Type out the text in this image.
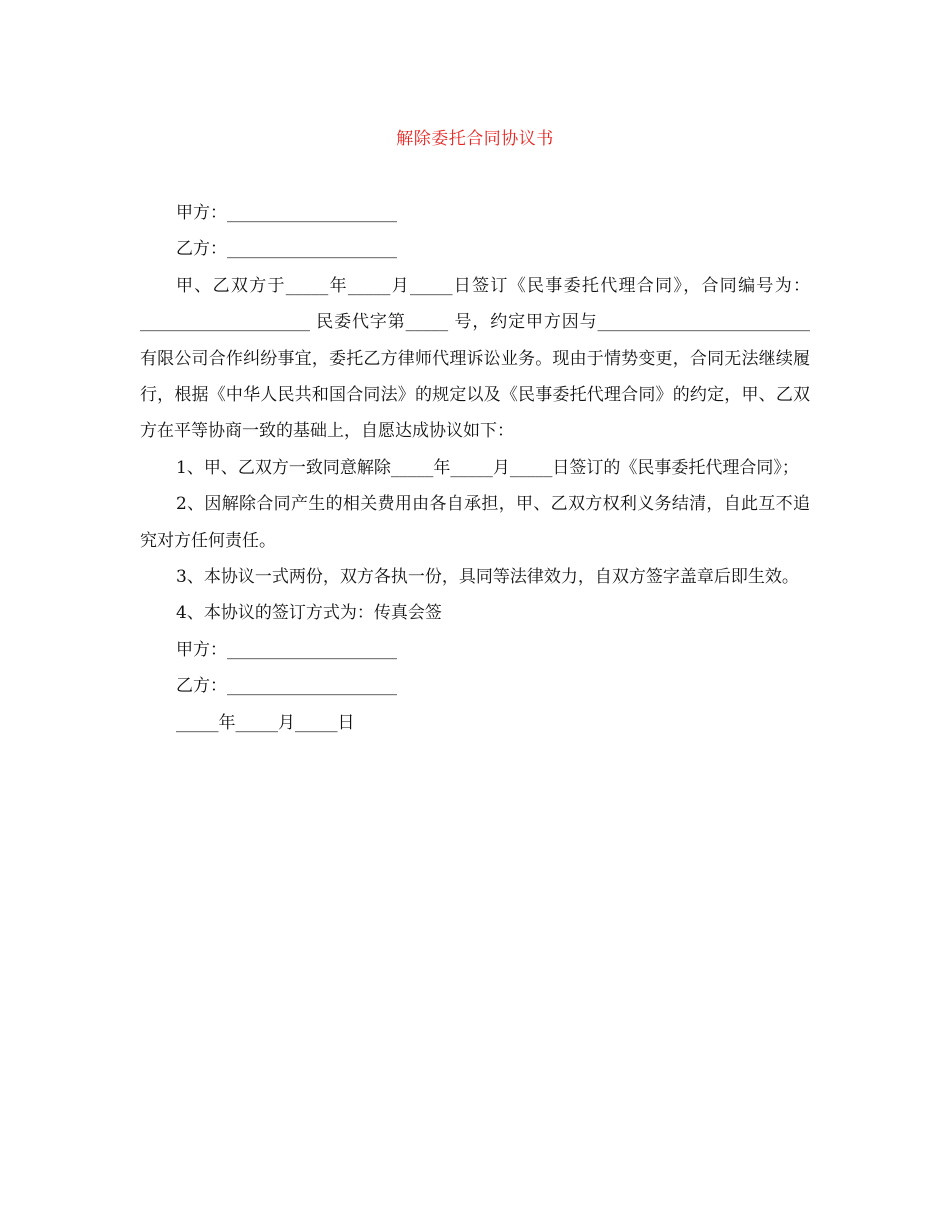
解除委托合同协议书

甲方：____________________

乙方：____________________

甲、乙双方于_____年_____月_____日签订《民事委托代理合同》，合同编号为：____________________ 民委代字第_____ 号，约定甲方因与_________________________有限公司合作纠纷事宜，委托乙方律师代理诉讼业务。现由于情势变更，合同无法继续履行，根据《中华人民共和国合同法》的规定以及《民事委托代理合同》的约定，甲、乙双方在平等协商一致的基础上，自愿达成协议如下：

1、甲、乙双方一致同意解除_____年_____月_____日签订的《民事委托代理合同》；

2、因解除合同产生的相关费用由各自承担，甲、乙双方权利义务结清，自此互不追究对方任何责任。

3、本协议一式两份，双方各执一份，具同等法律效力，自双方签字盖章后即生效。

4、本协议的签订方式为：传真会签

甲方：____________________

乙方：____________________

_____年_____月_____日
